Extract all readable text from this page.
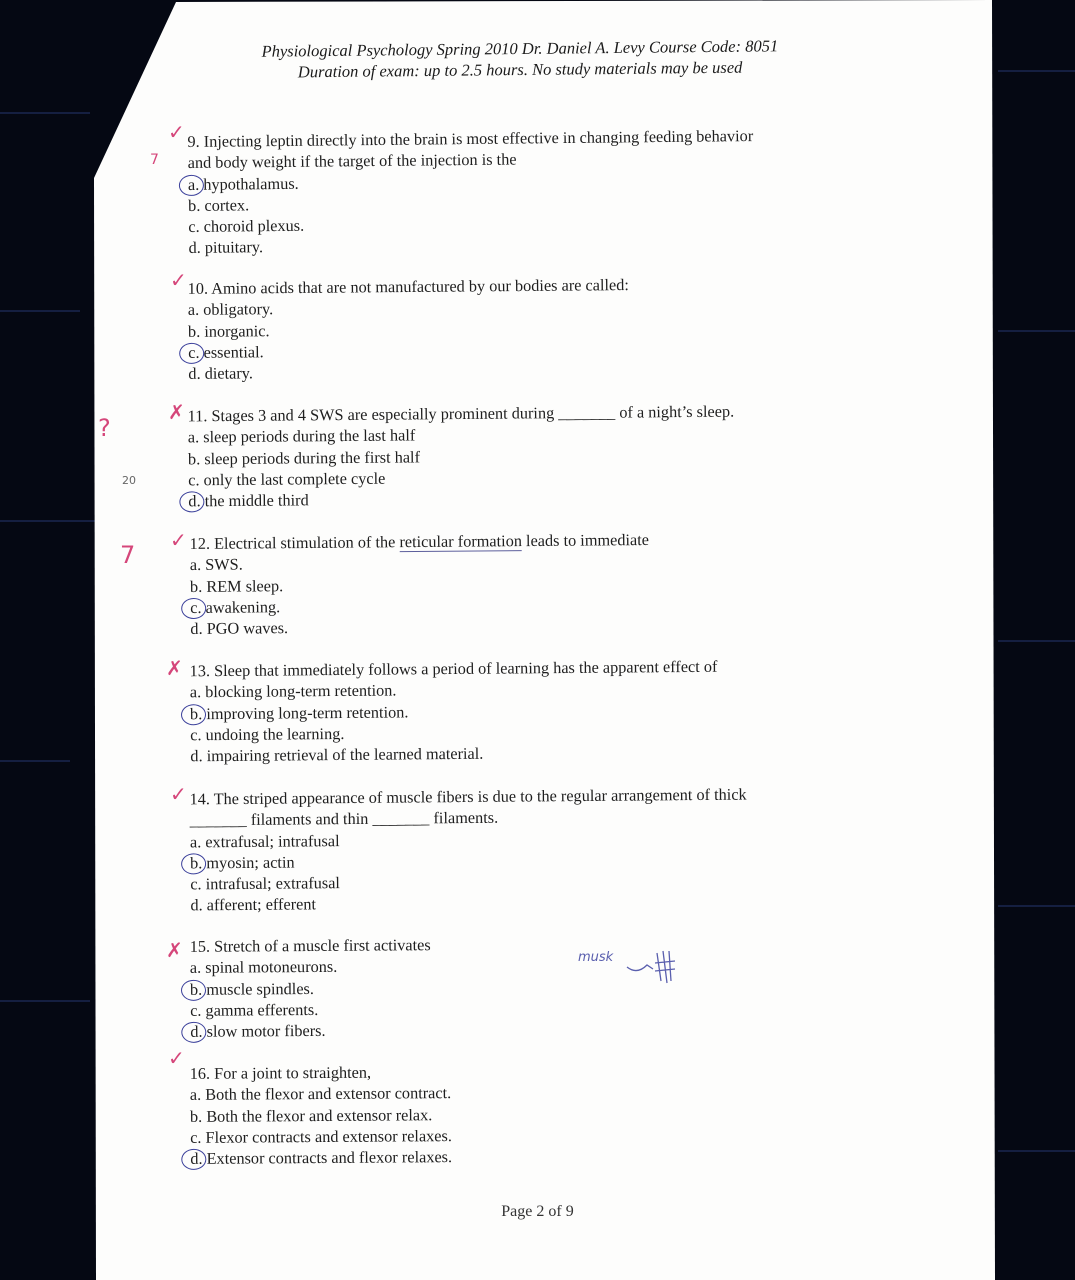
Physiological Psychology Spring 2010 Dr. Daniel A. Levy Course Code: 8051
Duration of exam: up to 2.5 hours. No study materials may be used
9. Injecting leptin directly into the brain is most effective in changing feeding behavior
and body weight if the target of the injection is the
a. hypothalamus.
b. cortex.
c. choroid plexus.
d. pituitary.
✓
7
10. Amino acids that are not manufactured by our bodies are called:
a. obligatory.
b. inorganic.
c. essential.
d. dietary.
✓
11. Stages 3 and 4 SWS are especially prominent during _______ of a night’s sleep.
a. sleep periods during the last half
b. sleep periods during the first half
c. only the last complete cycle
d. the middle third
✗
?
20
12. Electrical stimulation of the reticular formation leads to immediate
a. SWS.
b. REM sleep.
c. awakening.
d. PGO waves.
✓
7
13. Sleep that immediately follows a period of learning has the apparent effect of
a. blocking long-term retention.
b. improving long-term retention.
c. undoing the learning.
d. impairing retrieval of the learned material.
✗
14. The striped appearance of muscle fibers is due to the regular arrangement of thick
_______ filaments and thin _______ filaments.
a. extrafusal; intrafusal
b. myosin; actin
c. intrafusal; extrafusal
d. afferent; efferent
✓
15. Stretch of a muscle first activates
a. spinal motoneurons.
b. muscle spindles.
c. gamma efferents.
d. slow motor fibers.
✗	musk
16. For a joint to straighten,
a. Both the flexor and extensor contract.
b. Both the flexor and extensor relax.
c. Flexor contracts and extensor relaxes.
d. Extensor contracts and flexor relaxes.
✓
Page 2 of 9
